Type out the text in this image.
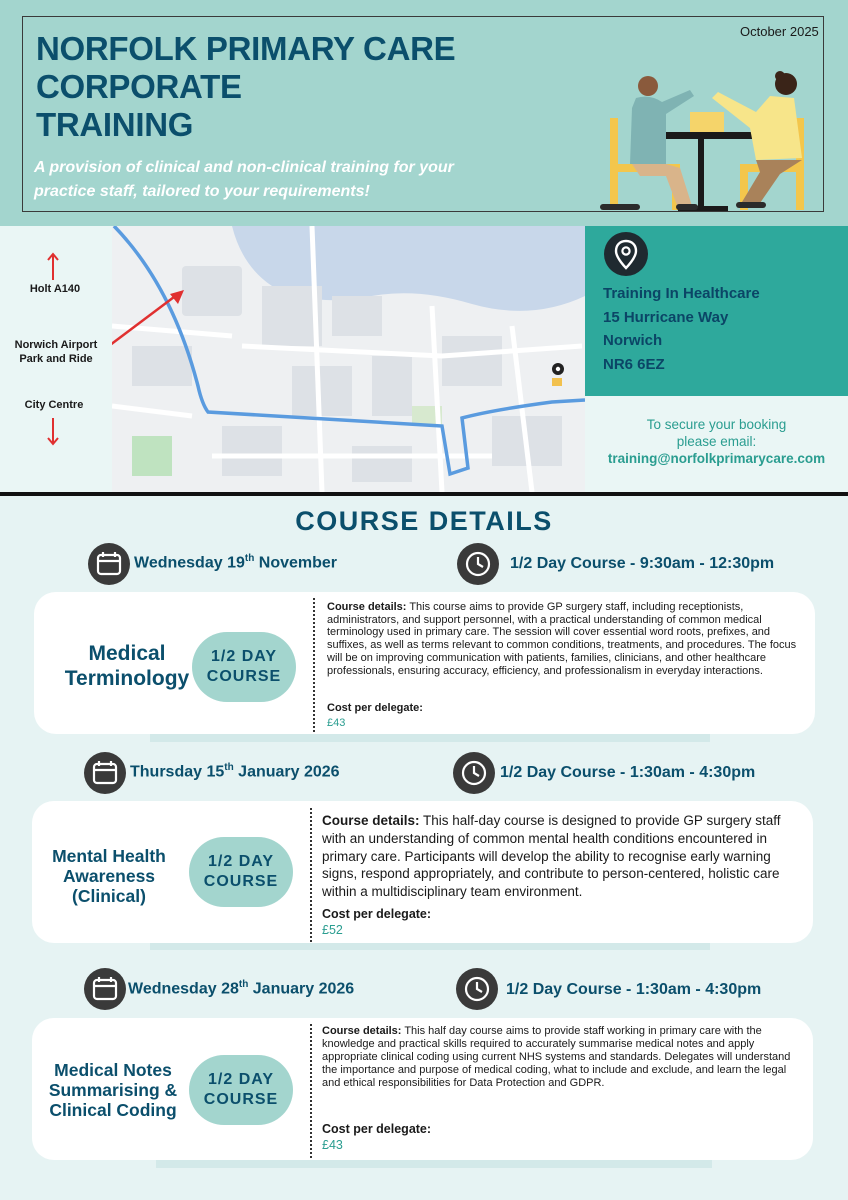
October 2025
NORFOLK PRIMARY CARE
CORPORATE
TRAINING
A provision of clinical and non-clinical training for your practice staff, tailored to your requirements!
Holt A140
Norwich Airport
Park and Ride
City Centre
Training In Healthcare
15 Hurricane Way
Norwich
NR6 6EZ
To secure your booking
please email:
training@norfolkprimarycare.com
COURSE DETAILS
Wednesday 19th November	1/2 Day Course - 9:30am - 12:30pm
Medical Terminology
1/2 DAY
COURSE
Course details: This course aims to provide GP surgery staff, including receptionists, administrators, and support personnel, with a practical understanding of common medical terminology used in primary care. The session will cover essential word roots, prefixes, and suffixes, as well as terms relevant to common conditions, treatments, and procedures. The focus will be on improving communication with patients, families, clinicians, and other healthcare professionals, ensuring accuracy, efficiency, and professionalism in everyday interactions.
Cost per delegate:
£43
Thursday 15th January 2026	1/2 Day Course - 1:30am - 4:30pm
Mental Health Awareness (Clinical)
1/2 DAY
COURSE
Course details: This half-day course is designed to provide GP surgery staff with an understanding of common mental health conditions encountered in primary care. Participants will develop the ability to recognise early warning signs, respond appropriately, and contribute to person-centered, holistic care within a multidisciplinary team environment.
Cost per delegate:
£52
Wednesday 28th January 2026	1/2 Day Course - 1:30am - 4:30pm
Medical Notes Summarising & Clinical Coding
1/2 DAY
COURSE
Course details: This half day course aims to provide staff working in primary care with the knowledge and practical skills required to accurately summarise medical notes and apply appropriate clinical coding using current NHS systems and standards. Delegates will understand the importance and purpose of medical coding, what to include and exclude, and learn the legal and ethical responsibilities for Data Protection and GDPR.
Cost per delegate:
£43
